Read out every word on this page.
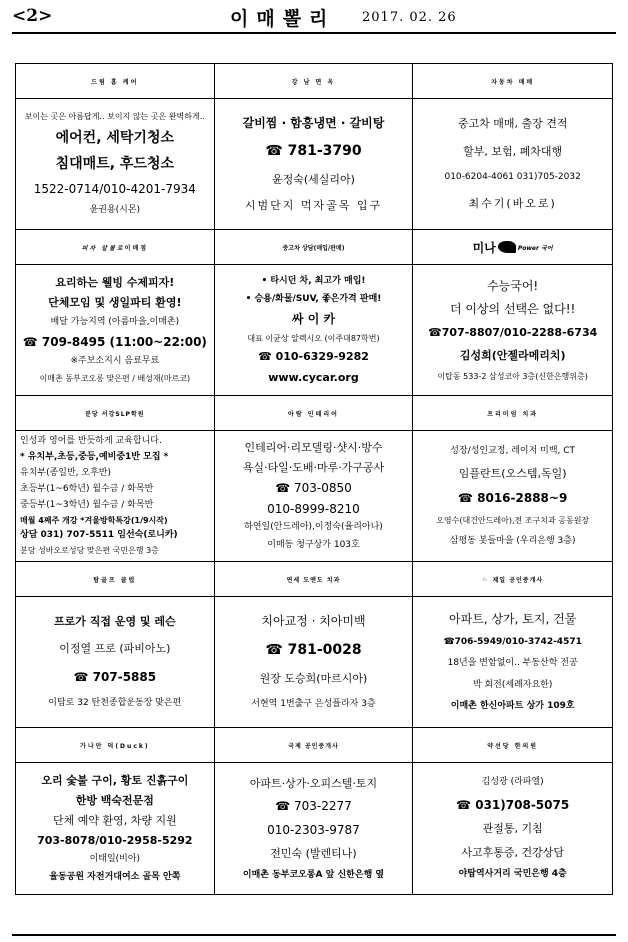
<2>	이매뽈리 2017. 02. 26
드림 홈 케어
보이는 곳은 아름답게.. 보이지 않는 곳은 완벽하게..
에어컨, 세탁기청소
침대매트, 후드청소
1522-0714/010-4201-7934
윤권용(시몬)
강 남 면 옥
갈비찜 · 함흥냉면 · 갈비탕
☎ 781-3790
윤정숙(세실리아)
시범단지 먹자골목 입구
자동차 매매
중고차 매매, 출장 견적
할부, 보험, 폐차대행
010-6204-4061 031)705-2032
최수기(바오로)
피자 알볼로 이매점
요리하는 웰빙 수제피자!
단체모임 및 생일파티 환영!
배달 가능지역 (아름마을,이매촌)
☎ 709-8495 (11:00~22:00)
※주보소지시 음료무료
이매촌 동부코오롱 맞은편 / 배성재(마르코)
중고차 상담(매입/판매)
• 타시던 차, 최고가 매입!
• 승용/화물/SUV, 좋은가격 판매!
싸 이 카
대표 이균상 알렉시오 (이주대87학번)
☎ 010-6329-9282
www.cycar.org
미나	Power 국어
수능국어!
더 이상의 선택은 없다!!
☎707-8807/010-2288-6734
김성희(안젤라메리치)
이탑동 533-2 삼성코아 3층(신한은행위층)
분당 서강SLP학원
인성과 영어를 반듯하게 교육합니다.
* 유치부,초등,중등,예비중1반 모집 *
유치부(종일반, 오후반)
초등부(1~6학년) 월수금 / 화목반
중등부(1~3학년) 월수금 / 화목반
매월 4째주 개강 *겨울방학특강(1/9시작)
상담 031) 707-5511 임선숙(로니카)
분당 성바오로성당 맞은편 국민은행 3층
아람 인테리어
인테리어·리모델링·샷시·방수
욕실·타일·도배·마루·가구공사
☎ 703-0850
010-8999-8210
하연일(안드레아),이정숙(율리아나)
이매동 청구상가 103호
프리미엄 치과
성장/성인교정, 레이저 미백, CT
임플란트(오스템,독일)
☎ 8016-2888~9
오영수(대건안드레아),전 조구치과 공동원장
삼평동 봇들마을 (우리은행 3층)
탑골프 클럽
프로가 직접 운영 및 레슨
이정열 프로 (파비아노)
☎ 707-5885
이탑로 32 탄천종합운동장 맞은편
연세 도앤도 치과
치아교정 · 치아미백
☎ 781-0028
원장 도승희(마르시아)
서현역 1번출구 은성플라자 3층
♘ 제일 공인중개사
아파트, 상가, 토지, 건물
☎706-5949/010-3742-4571
18년을 변함없이.. 부동산학 전공
박 회전(세례자요한)
이매촌 한신아파트 상가 109호
가나안 덕(Duck)
오리 숯불 구이, 황토 진흙구이
한방 백숙전문점
단체 예약 환영, 차량 지원
703-8078/010-2958-5292
이태일(비아)
율동공원 자전거대여소 골목 안쪽
국제 공인중개사
아파트·상가·오피스텔·토지
☎ 703-2277
010-2303-9787
전민숙 (발렌티나)
이매촌 동부코오롱A 앞 신한은행 옆
약선당 한의원
김성광 (라파엘)
☎ 031)708-5075
관절통, 기침
사고후통증, 건강상담
야탑역사거리 국민은행 4층
